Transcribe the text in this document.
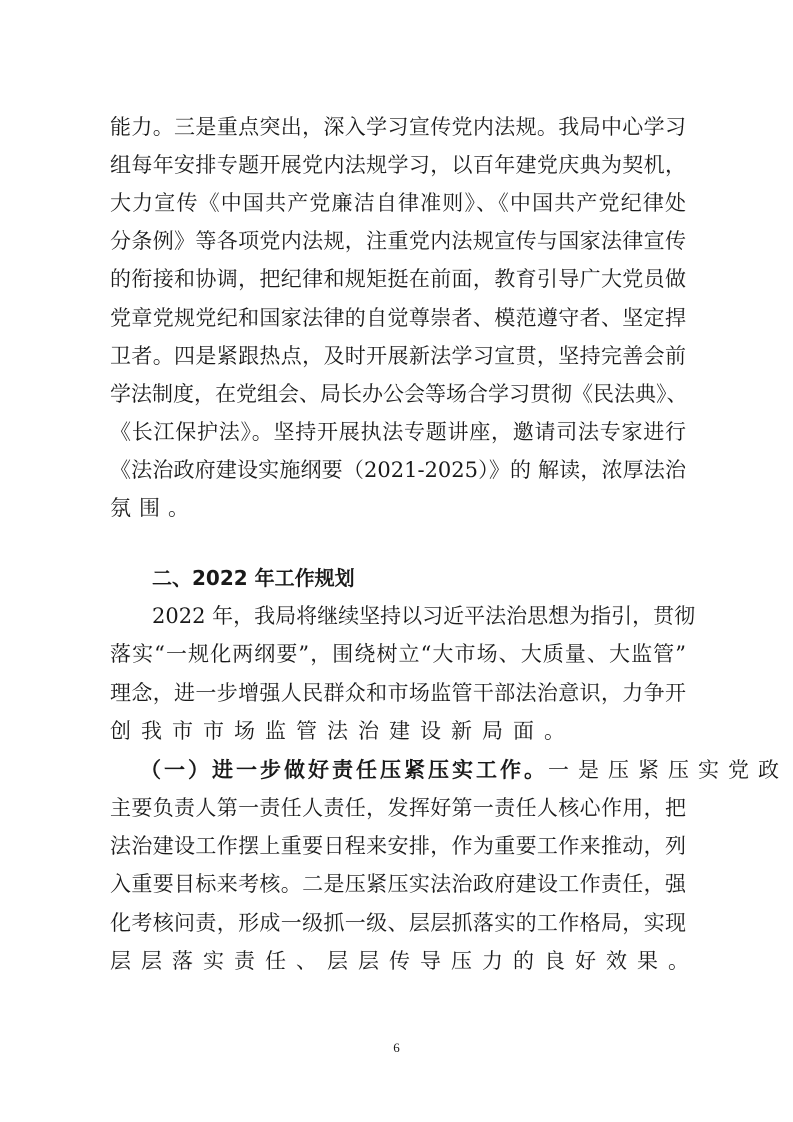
能力。三是重点突出，深入学习宣传党内法规。我局中心学习
组每年安排专题开展党内法规学习，以百年建党庆典为契机，
大力宣传《中国共产党廉洁自律准则》、《中国共产党纪律处
分条例》等各项党内法规，注重党内法规宣传与国家法律宣传
的衔接和协调，把纪律和规矩挺在前面，教育引导广大党员做
党章党规党纪和国家法律的自觉尊崇者、模范遵守者、坚定捍
卫者。四是紧跟热点，及时开展新法学习宣贯，坚持完善会前
学法制度，在党组会、局长办公会等场合学习贯彻《民法典》、
《长江保护法》。坚持开展执法专题讲座，邀请司法专家进行
《法治政府建设实施纲要（2021-2025）》的 解读，浓厚法治
氛围。
二、2022 年工作规划
2022 年，我局将继续坚持以习近平法治思想为指引，贯彻
落实“一规化两纲要”，围绕树立“大市场、大质量、大监管”
理念，进一步增强人民群众和市场监管干部法治意识，力争开
创我市市场监管法治建设新局面。
（一）进一步做好责任压紧压实工作。 一是压紧压实党政
主要负责人第一责任人责任，发挥好第一责任人核心作用，把
法治建设工作摆上重要日程来安排，作为重要工作来推动，列
入重要目标来考核。二是压紧压实法治政府建设工作责任，强
化考核问责，形成一级抓一级、层层抓落实的工作格局，实现
层层落实责任、层层传导压力的良好效果。
6
